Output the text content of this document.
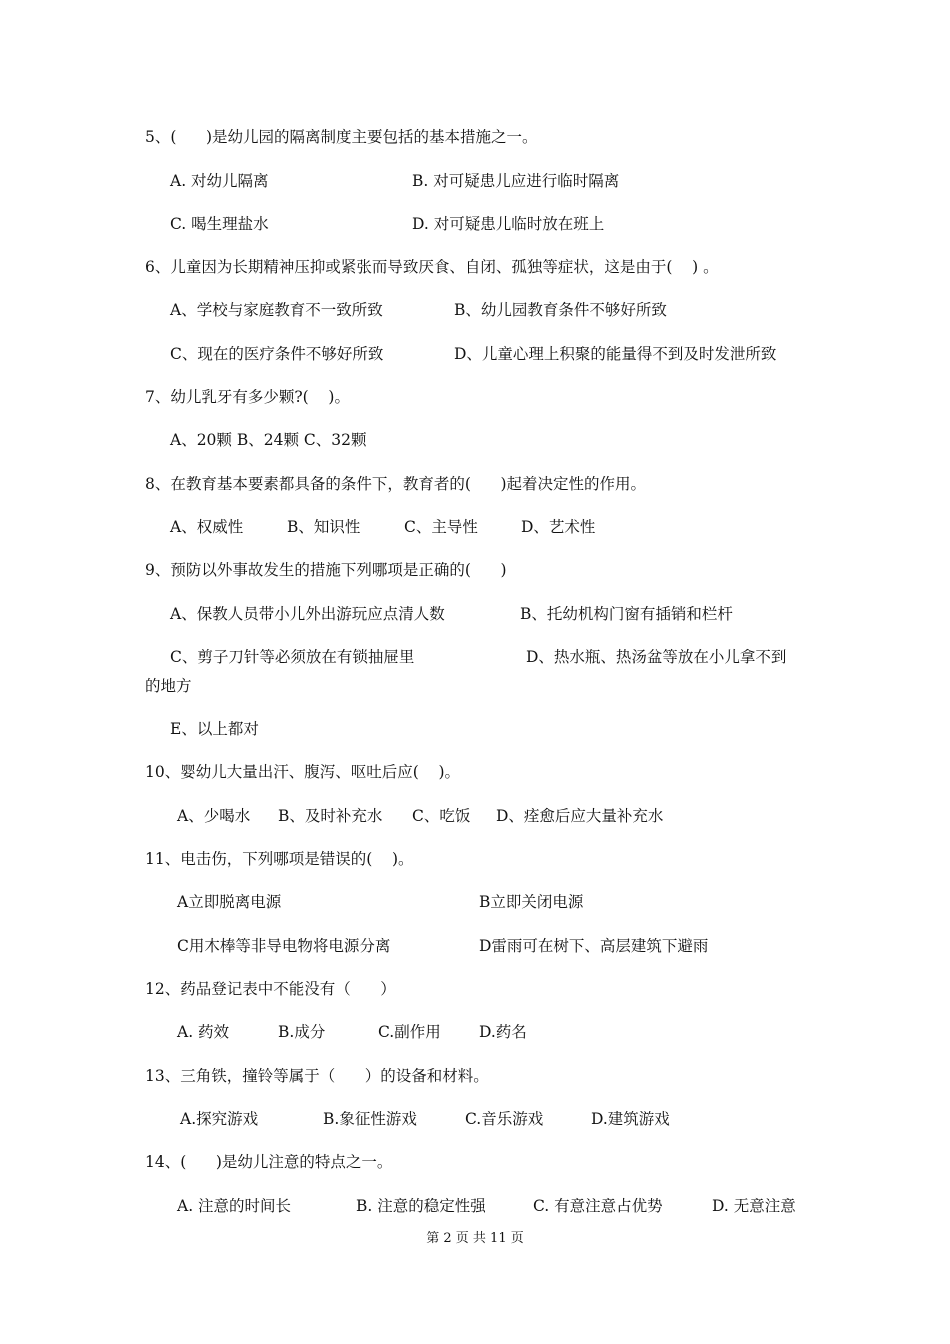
5、(      )是幼儿园的隔离制度主要包括的基本措施之一。
A. 对幼儿隔离	B. 对可疑患儿应进行临时隔离
C. 喝生理盐水	D. 对可疑患儿临时放在班上
6、儿童因为长期精神压抑或紧张而导致厌食、自闭、孤独等症状，这是由于(    ) 。
A、学校与家庭教育不一致所致	B、幼儿园教育条件不够好所致
C、现在的医疗条件不够好所致	D、儿童心理上积聚的能量得不到及时发泄所致
7、幼儿乳牙有多少颗?(    )。
A、20颗 B、24颗 C、32颗
8、在教育基本要素都具备的条件下，教育者的(      )起着决定性的作用。
A、权威性	B、知识性	C、主导性	D、艺术性
9、预防以外事故发生的措施下列哪项是正确的(      )
A、保教人员带小儿外出游玩应点清人数	B、托幼机构门窗有插销和栏杆
C、剪子刀针等必须放在有锁抽屉里	D、热水瓶、热汤盆等放在小儿拿不到
的地方
E、以上都对
10、婴幼儿大量出汗、腹泻、呕吐后应(    )。
A、少喝水 B、及时补充水 C、吃饭 D、痊愈后应大量补充水
11、电击伤，下列哪项是错误的(    )。
A立即脱离电源	B立即关闭电源
C用木棒等非导电物将电源分离	D雷雨可在树下、高层建筑下避雨
12、药品登记表中不能没有（      ）
A. 药效	B.成分	C.副作用 D.药名
13、三角铁，撞铃等属于（      ）的设备和材料。
A.探究游戏	B.象征性游戏	C.音乐游戏	D.建筑游戏
14、(      )是幼儿注意的特点之一。
A. 注意的时间长	B. 注意的稳定性强	C. 有意注意占优势	D. 无意注意
第 2 页 共 11 页
